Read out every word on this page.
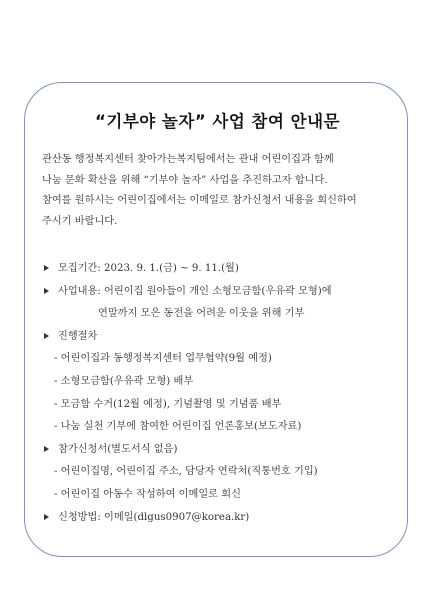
“기부야 놀자” 사업 참여 안내문

관산동 행정복지센터 찾아가는복지팀에서는 관내 어린이집과 함께

나눔 문화 확산을 위해 “기부야 놀자” 사업을 추진하고자 합니다.

참여를 원하시는 어린이집에서는 이메일로 참가신청서 내용을 회신하여

주시기 바랍니다.

모집기간: 2023. 9. 1.(금) ~ 9. 11.(월)
사업내용: 어린이집 원아들이 개인 소형모금함(우유곽 모형)에
연말까지 모은 동전을 어려운 이웃을 위해 기부
진행절차
- 어린이집과 동행정복지센터 업무협약(9월 예정)
- 소형모금함(우유곽 모형) 배부
- 모금함 수거(12월 예정), 기념촬영 및 기념품 배부
- 나눔 실천 기부에 참여한 어린이집 언론홍보(보도자료)
참가신청서(별도서식 없음)
- 어린이집명, 어린이집 주소, 담당자 연락처(직통번호 기입)
- 어린이집 아동수 작성하여 이메일로 회신
신청방법: 이메일(dlgus0907@korea.kr)
